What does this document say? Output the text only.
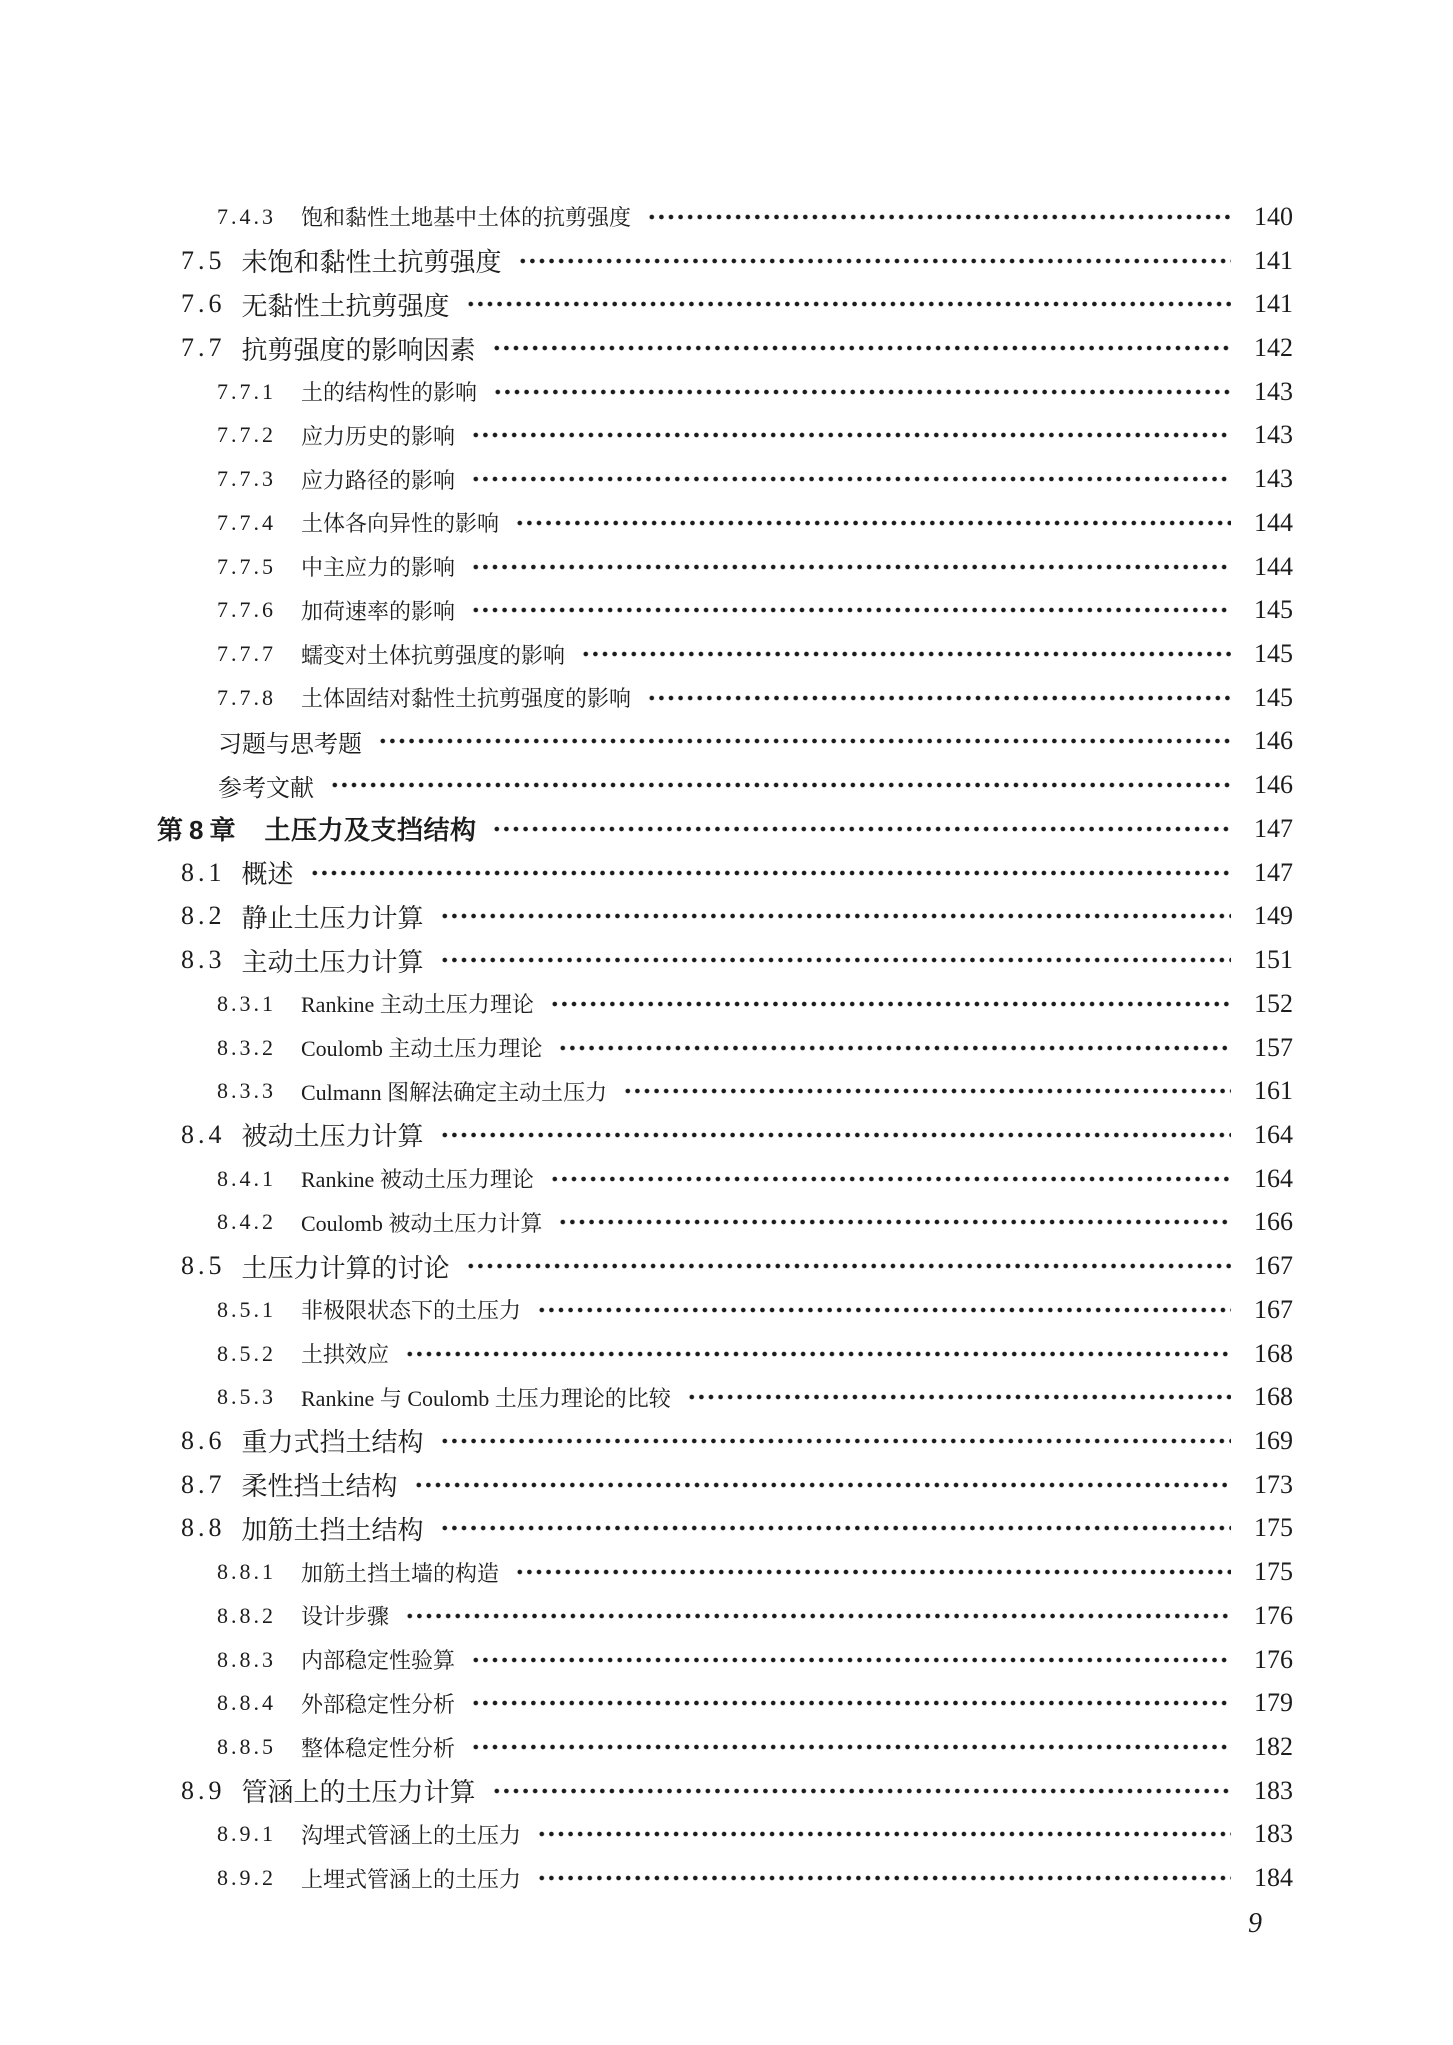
7.4.3 饱和黏性土地基中土体的抗剪强度	140
7.5 未饱和黏性土抗剪强度	141
7.6 无黏性土抗剪强度	141
7.7 抗剪强度的影响因素	142
7.7.1 土的结构性的影响	143
7.7.2 应力历史的影响	143
7.7.3 应力路径的影响	143
7.7.4 土体各向异性的影响	144
7.7.5 中主应力的影响	144
7.7.6 加荷速率的影响	145
7.7.7 蠕变对土体抗剪强度的影响	145
7.7.8 土体固结对黏性土抗剪强度的影响	145
习题与思考题	146
参考文献	146
第8章 土压力及支挡结构	147
8.1 概述	147
8.2 静止土压力计算	149
8.3 主动土压力计算	151
8.3.1 Rankine 主动土压力理论	152
8.3.2 Coulomb 主动土压力理论	157
8.3.3 Culmann 图解法确定主动土压力	161
8.4 被动土压力计算	164
8.4.1 Rankine 被动土压力理论	164
8.4.2 Coulomb 被动土压力计算	166
8.5 土压力计算的讨论	167
8.5.1 非极限状态下的土压力	167
8.5.2 土拱效应	168
8.5.3 Rankine 与 Coulomb 土压力理论的比较	168
8.6 重力式挡土结构	169
8.7 柔性挡土结构	173
8.8 加筋土挡土结构	175
8.8.1 加筋土挡土墙的构造	175
8.8.2 设计步骤	176
8.8.3 内部稳定性验算	176
8.8.4 外部稳定性分析	179
8.8.5 整体稳定性分析	182
8.9 管涵上的土压力计算	183
8.9.1 沟埋式管涵上的土压力	183
8.9.2 上埋式管涵上的土压力	184
9
